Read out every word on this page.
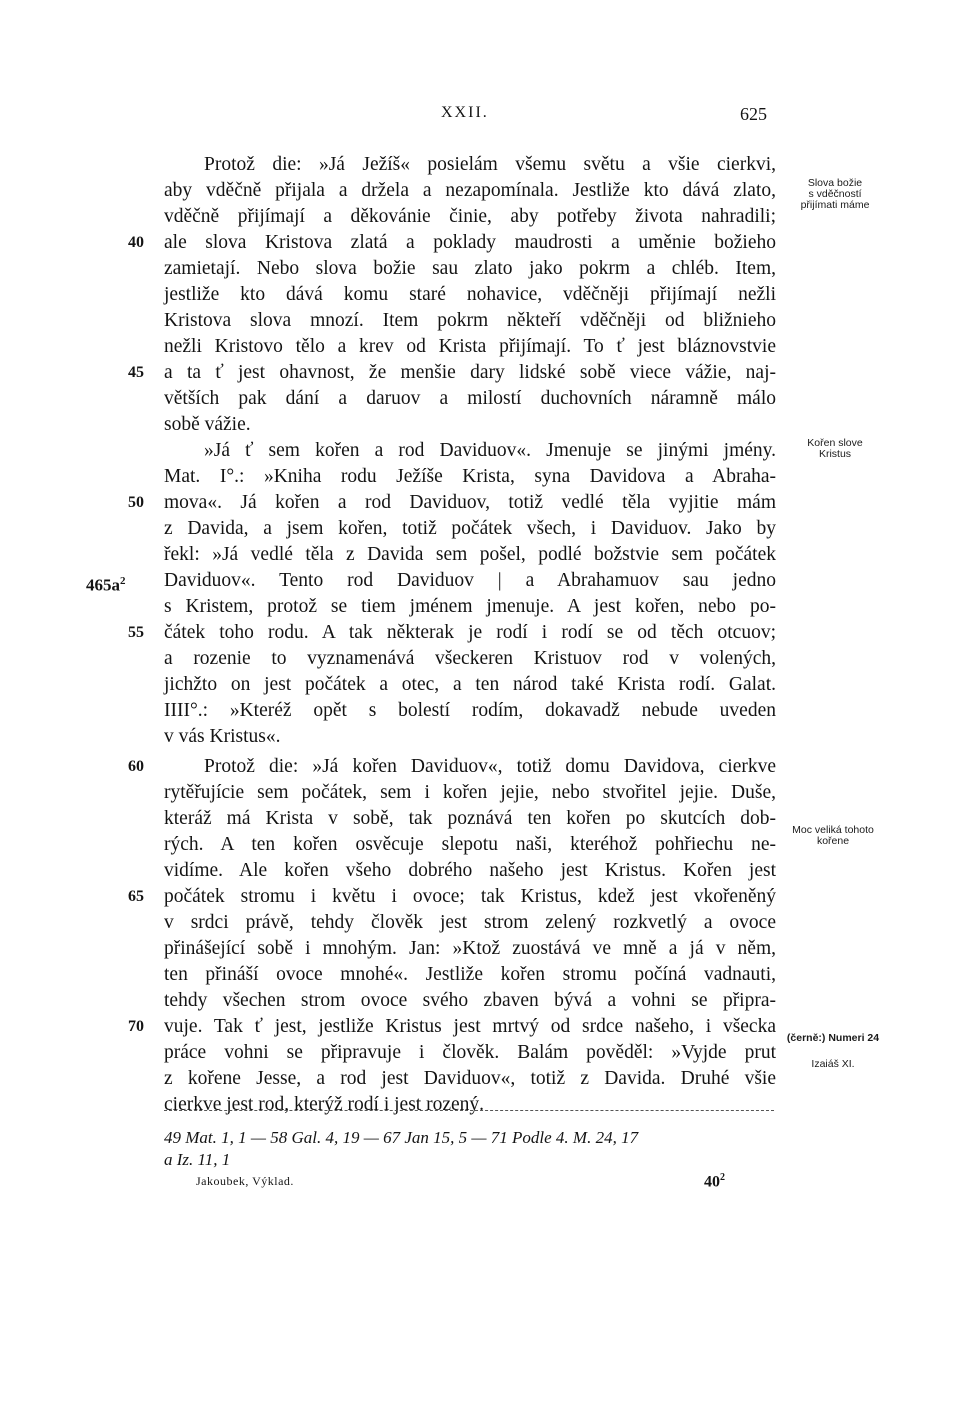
XXII.	625
Protož die: »Já Ježíš« posielám všemu světu a všie cierkvi,
aby vděčně přijala a držela a nezapomínala. Jestliže kto dává zlato,
vděčně přijímají a děkovánie činie, aby potřeby života nahradili;
ale slova Kristova zlatá a poklady maudrosti a uměnie božieho
zamietají. Nebo slova božie sau zlato jako pokrm a chléb. Item,
jestliže kto dává komu staré nohavice, vděčněji přijímají nežli
Kristova slova mnozí. Item pokrm někteří vděčněji od bližnieho
nežli Kristovo tělo a krev od Krista přijímají. To ť jest bláznovstvie
a ta ť jest ohavnost, že menšie dary lidské sobě viece vážie, naj-
větších pak dání a daruov a milostí duchovních náramně málo
sobě vážie.
»Já ť sem kořen a rod Daviduov«. Jmenuje se jinými jmény.
Mat. I°.: »Kniha rodu Ježíše Krista, syna Davidova a Abraha-
mova«. Já kořen a rod Daviduov, totiž vedlé těla vyjitie mám
z Davida, a jsem kořen, totiž počátek všech, i Daviduov. Jako by
řekl: »Já vedlé těla z Davida sem pošel, podlé božstvie sem počátek
Daviduov«. Tento rod Daviduov | a Abrahamuov sau jedno
s Kristem, protož se tiem jménem jmenuje. A jest kořen, nebo po-
čátek toho rodu. A tak některak je rodí i rodí se od těch otcuov;
a rozenie to vyznamenává všeckeren Kristuov rod v volených,
jichžto on jest počátek a otec, a ten národ také Krista rodí. Galat.
IIII°.: »Kteréž opět s bolestí rodím, dokavadž nebude uveden
v vás Kristus«.
Protož die: »Já kořen Daviduov«, totiž domu Davidova, cierkve
rytěřujície sem počátek, sem i kořen jejie, nebo stvořitel jejie. Duše,
kteráž má Krista v sobě, tak poznává ten kořen po skutcích dob-
rých. A ten kořen osvěcuje slepotu naši, kteréhož pohřiechu ne-
vidíme. Ale kořen všeho dobrého našeho jest Kristus. Kořen jest
počátek stromu i květu i ovoce; tak Kristus, kdež jest vkořeněný
v srdci právě, tehdy člověk jest strom zelený rozkvetlý a ovoce
přinášející sobě i mnohým. Jan: »Ktož zuostává ve mně a já v něm,
ten přináší ovoce mnohé«. Jestliže kořen stromu počíná vadnauti,
tehdy všechen strom ovoce svého zbaven bývá a vohni se připra-
vuje. Tak ť jest, jestliže Kristus jest mrtvý od srdce našeho, i všecka
práce vohni se připravuje i člověk. Balám pověděl: »Vyjde prut
z kořene Jesse, a rod jest Daviduov«, totiž z Davida. Druhé všie
cierkve jest rod, kterýž rodí i jest rozený.
40
45
50
55
60
65
70
$465a^2$
Slova božie
s vděčností
přijímati máme
Kořen slove
Kristus
Moc veliká tohoto
kořene
(černě:) Numeri 24
Izaiáš XI.
49 Mat. 1, 1 — 58 Gal. 4, 19 — 67 Jan 15, 5 — 71 Podle 4. M. 24, 17
a Iz. 11, 1
Jakoubek, Výklad.	$40^2$
